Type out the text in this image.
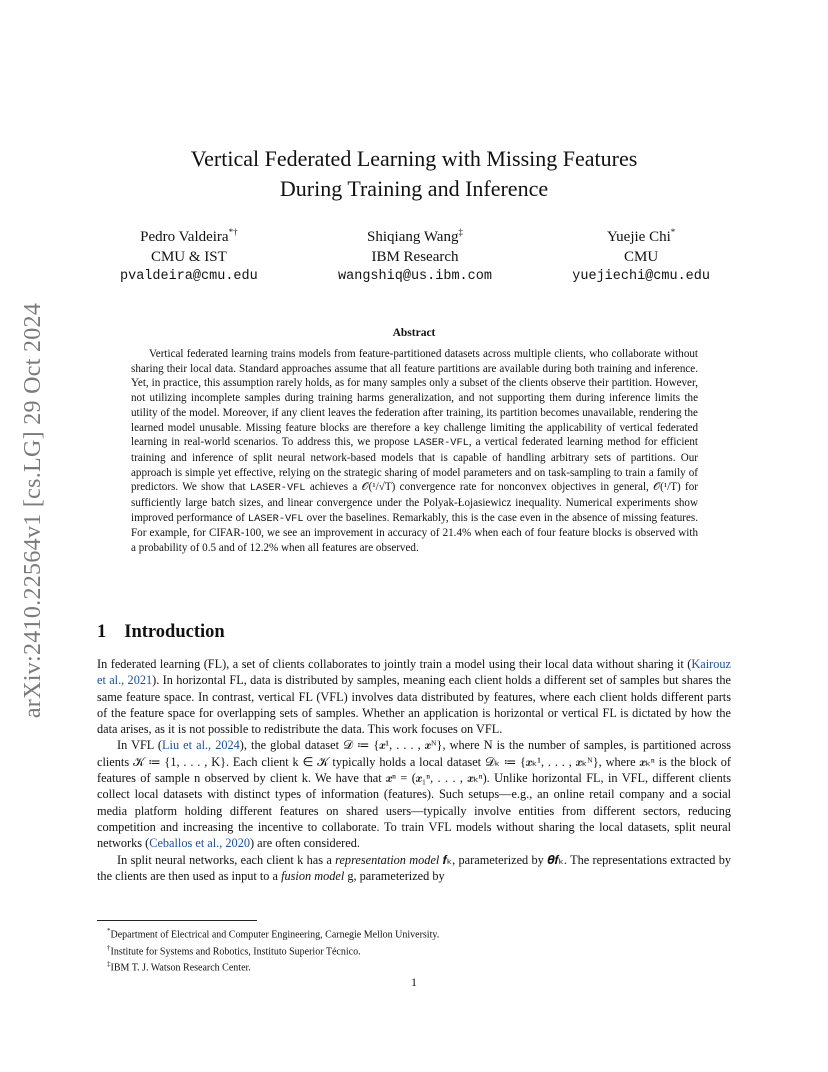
arXiv:2410.22564v1 [cs.LG] 29 Oct 2024
Vertical Federated Learning with Missing Features
During Training and Inference
Pedro Valdeira*†
CMU & IST
pvaldeira@cmu.edu
Shiqiang Wang‡
IBM Research
wangshiq@us.ibm.com
Yuejie Chi*
CMU
yuejiechi@cmu.edu
Abstract

Vertical federated learning trains models from feature-partitioned datasets across multiple clients, who collaborate without sharing their local data. Standard approaches assume that all feature partitions are available during both training and inference. Yet, in practice, this assumption rarely holds, as for many samples only a subset of the clients observe their partition. However, not utilizing incomplete samples during training harms generalization, and not supporting them during inference limits the utility of the model. Moreover, if any client leaves the federation after training, its partition becomes unavailable, rendering the learned model unusable. Missing feature blocks are therefore a key challenge limiting the applicability of vertical federated learning in real-world scenarios. To address this, we propose LASER-VFL, a vertical federated learning method for efficient training and inference of split neural network-based models that is capable of handling arbitrary sets of partitions. Our approach is simple yet effective, relying on the strategic sharing of model parameters and on task-sampling to train a family of predictors. We show that LASER-VFL achieves a 𝒪(¹/√T) convergence rate for nonconvex objectives in general, 𝒪(¹/T) for sufficiently large batch sizes, and linear convergence under the Polyak-Łojasiewicz inequality. Numerical experiments show improved performance of LASER-VFL over the baselines. Remarkably, this is the case even in the absence of missing features. For example, for CIFAR-100, we see an improvement in accuracy of 21.4% when each of four feature blocks is observed with a probability of 0.5 and of 12.2% when all features are observed.

1 Introduction

In federated learning (FL), a set of clients collaborates to jointly train a model using their local data without sharing it (Kairouz et al., 2021). In horizontal FL, data is distributed by samples, meaning each client holds a different set of samples but shares the same feature space. In contrast, vertical FL (VFL) involves data distributed by features, where each client holds different parts of the feature space for overlapping sets of samples. Whether an application is horizontal or vertical FL is dictated by how the data arises, as it is not possible to redistribute the data. This work focuses on VFL.

In VFL (Liu et al., 2024), the global dataset 𝒟 ≔ {𝒙¹, . . . , 𝒙ᴺ}, where N is the number of samples, is partitioned across clients 𝒦 ≔ {1, . . . , K}. Each client k ∈ 𝒦 typically holds a local dataset 𝒟ₖ ≔ {𝒙ₖ¹, . . . , 𝒙ₖᴺ}, where 𝒙ₖⁿ is the block of features of sample n observed by client k. We have that 𝒙ⁿ = (𝒙₁ⁿ, . . . , 𝒙ₖⁿ). Unlike horizontal FL, in VFL, different clients collect local datasets with distinct types of information (features). Such setups—e.g., an online retail company and a social media platform holding different features on shared users—typically involve entities from different sectors, reducing competition and increasing the incentive to collaborate. To train VFL models without sharing the local datasets, split neural networks (Ceballos et al., 2020) are often considered.

In split neural networks, each client k has a representation model 𝒇ₖ, parameterized by 𝜽𝒇ₖ. The representations extracted by the clients are then used as input to a fusion model g, parameterized by

*Department of Electrical and Computer Engineering, Carnegie Mellon University.
†Institute for Systems and Robotics, Instituto Superior Técnico.
‡IBM T. J. Watson Research Center.
1
